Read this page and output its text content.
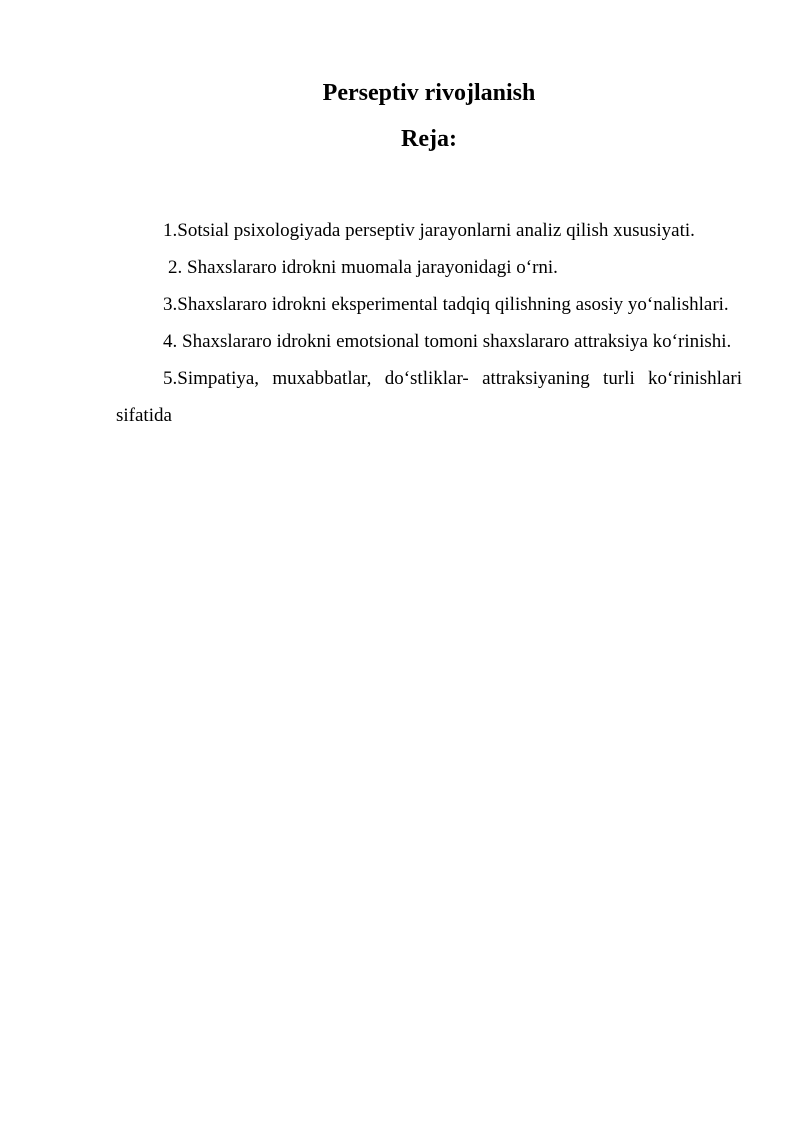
Perseptiv rivojlanish
Reja:

1.Sotsial psixologiyada perseptiv jarayonlarni analiz qilish xususiyati.

2. Shaxslararo idrokni muomala jarayonidagi o‘rni.

3.Shaxslararo idrokni eksperimental tadqiq qilishning asosiy yo‘nalishlari.

4. Shaxslararo idrokni emotsional tomoni shaxslararo attraksiya ko‘rinishi.

5.Simpatiya, muxabbatlar, do‘stliklar- attraksiyaning turli ko‘rinishlari sifatida
